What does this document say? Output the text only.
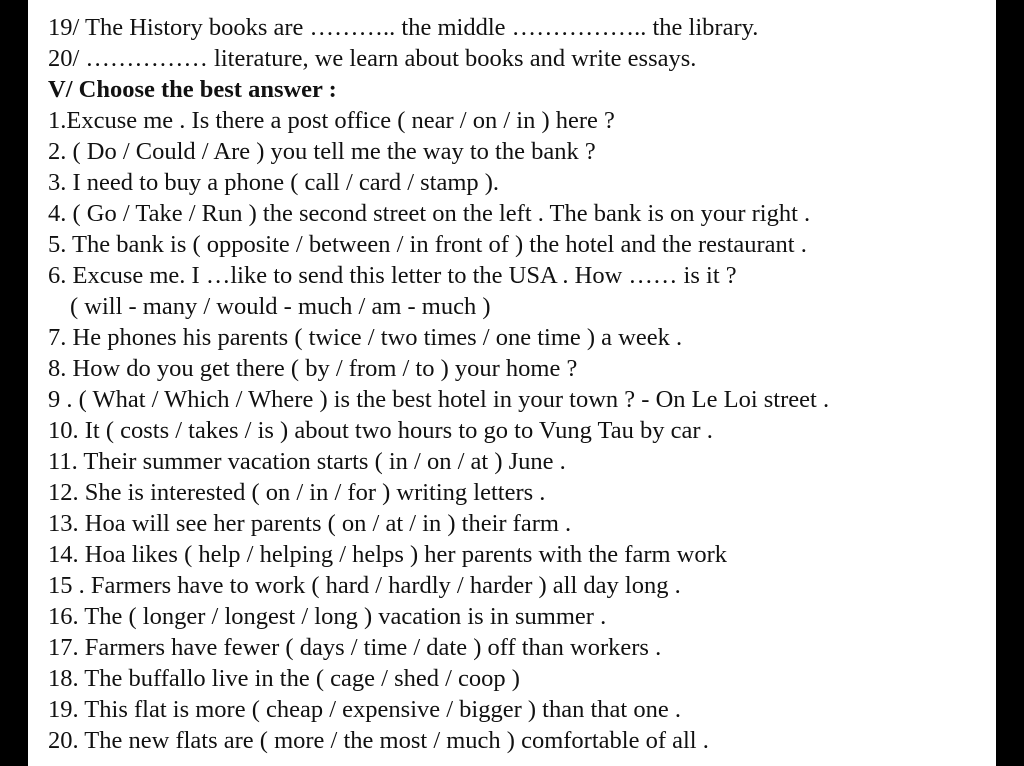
19/ The History books are ……….. the middle …………….. the library.
20/ …………… literature, we learn about books and write essays.
V/ Choose the best answer :
1.Excuse me . Is there a post office ( near / on / in ) here ?
2. ( Do / Could / Are ) you tell me the way to the bank ?
3. I need to buy a phone ( call / card / stamp ).
4. ( Go / Take / Run ) the second street on the left . The bank is on your right .
5. The bank is ( opposite / between / in front of ) the hotel and the restaurant .
6. Excuse me. I …like to send this letter to the USA . How …… is it ?
( will - many / would - much / am - much )
7. He phones his parents ( twice / two times / one time ) a week .
8. How do you get there ( by / from / to ) your home ?
9 . ( What / Which / Where ) is the best hotel in your town ? - On Le Loi street .
10. It ( costs / takes / is ) about two hours to go to Vung Tau by car .
11. Their summer vacation starts ( in / on / at ) June .
12. She is interested ( on / in / for ) writing letters .
13. Hoa will see her parents ( on / at / in ) their farm .
14. Hoa likes ( help / helping / helps ) her parents with the farm work
15 . Farmers have to work ( hard / hardly / harder ) all day long .
16. The ( longer / longest / long ) vacation is in summer .
17. Farmers have fewer ( days / time / date ) off than workers .
18. The buffallo live in the ( cage / shed / coop )
19. This flat is more ( cheap / expensive / bigger ) than that one .
20. The new flats are ( more / the most / much ) comfortable of all .
